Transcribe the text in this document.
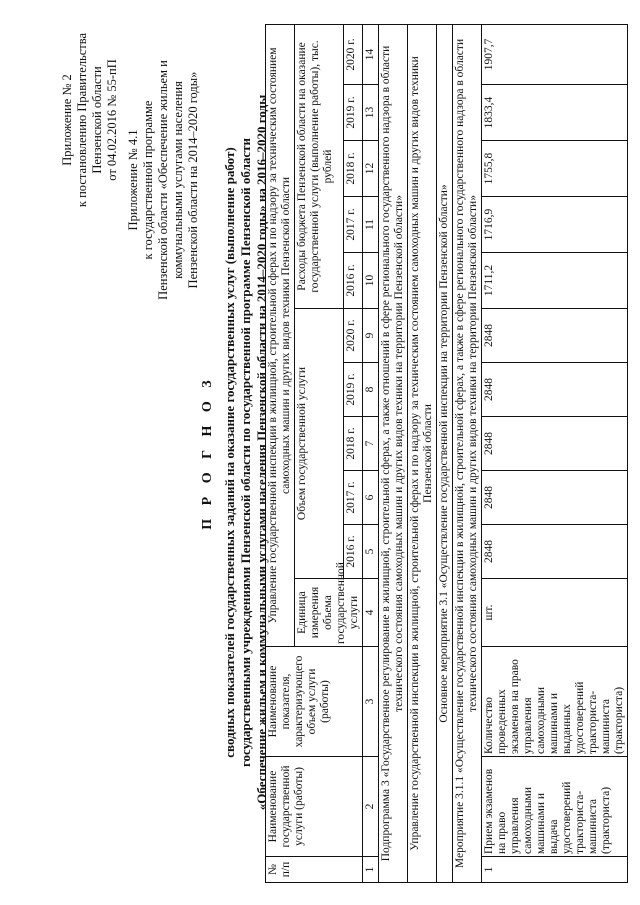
Приложение № 2 к постановлению Правительства Пензенской области от 04.02.2016 № 55-пП Приложение № 4.1 к государственной программе Пензенской области «Обеспечение жильем и коммунальными услугами населения Пензенской области на 2014–2020 годы»
П Р О Г Н О З сводных показателей государственных заданий на оказание государственных услуг (выполнение работ) государственными учреждениями Пензенской области по государственной программе Пензенской области «Обеспечение жильем и коммунальными услугами населения Пензенской области на 2014–2020 годы» на 2016–2020 годы
№ п/п	Наименование государственной услуги (работы)	Наименование показателя, характеризующего объем услуги (работы)	Управление государственной инспекции в жилищной, строительной сферах и по надзору за техническим состоянием самоходных машин и других видов техники Пензенской области										
			Единица измерения объема государственной услуги	Объем государственной услуги					Расходы бюджета Пензенской области на оказание государственной услуги (выполнение работы), тыс. рублей				
				2016 г.	2017 г.	2018 г.	2019 г.	2020 г.	2016 г.	2017 г.	2018 г.	2019 г.	2020 г.
1	2	3	4	5	6	7	8	9	10	11	12	13	14
Подпрограмма 3 «Государственное регулирование в жилищной, строительной сферах, а также отношений в сфере регионального государственного надзора в области технического состояния самоходных машин и других видов техники на территории Пензенской области»													
Управление государственной инспекции в жилищной, строительной сферах и по надзору за техническим состоянием самоходных машин и других видов техники Пензенской области													
Основное мероприятие 3.1 «Осуществление государственной инспекции на территории Пензенской области»													
Мероприятие 3.1.1 «Осуществление государственной инспекции в жилищной, строительной сферах, а также в сфере регионального государственного надзора в области технического состояния самоходных машин и других видов техники на территории Пензенской области»													
1	Прием экзаменов на право управления самоходными машинами и выдача удостоверений тракториста-машиниста (тракториста)	Количество проведенных экзаменов на право управления самоходными машинами и выданных удостоверений тракториста-машиниста (тракториста)	шт.	2848	2848	2848	2848	2848	1711,2	1716,9	1755,8	1833,4	1907,7
